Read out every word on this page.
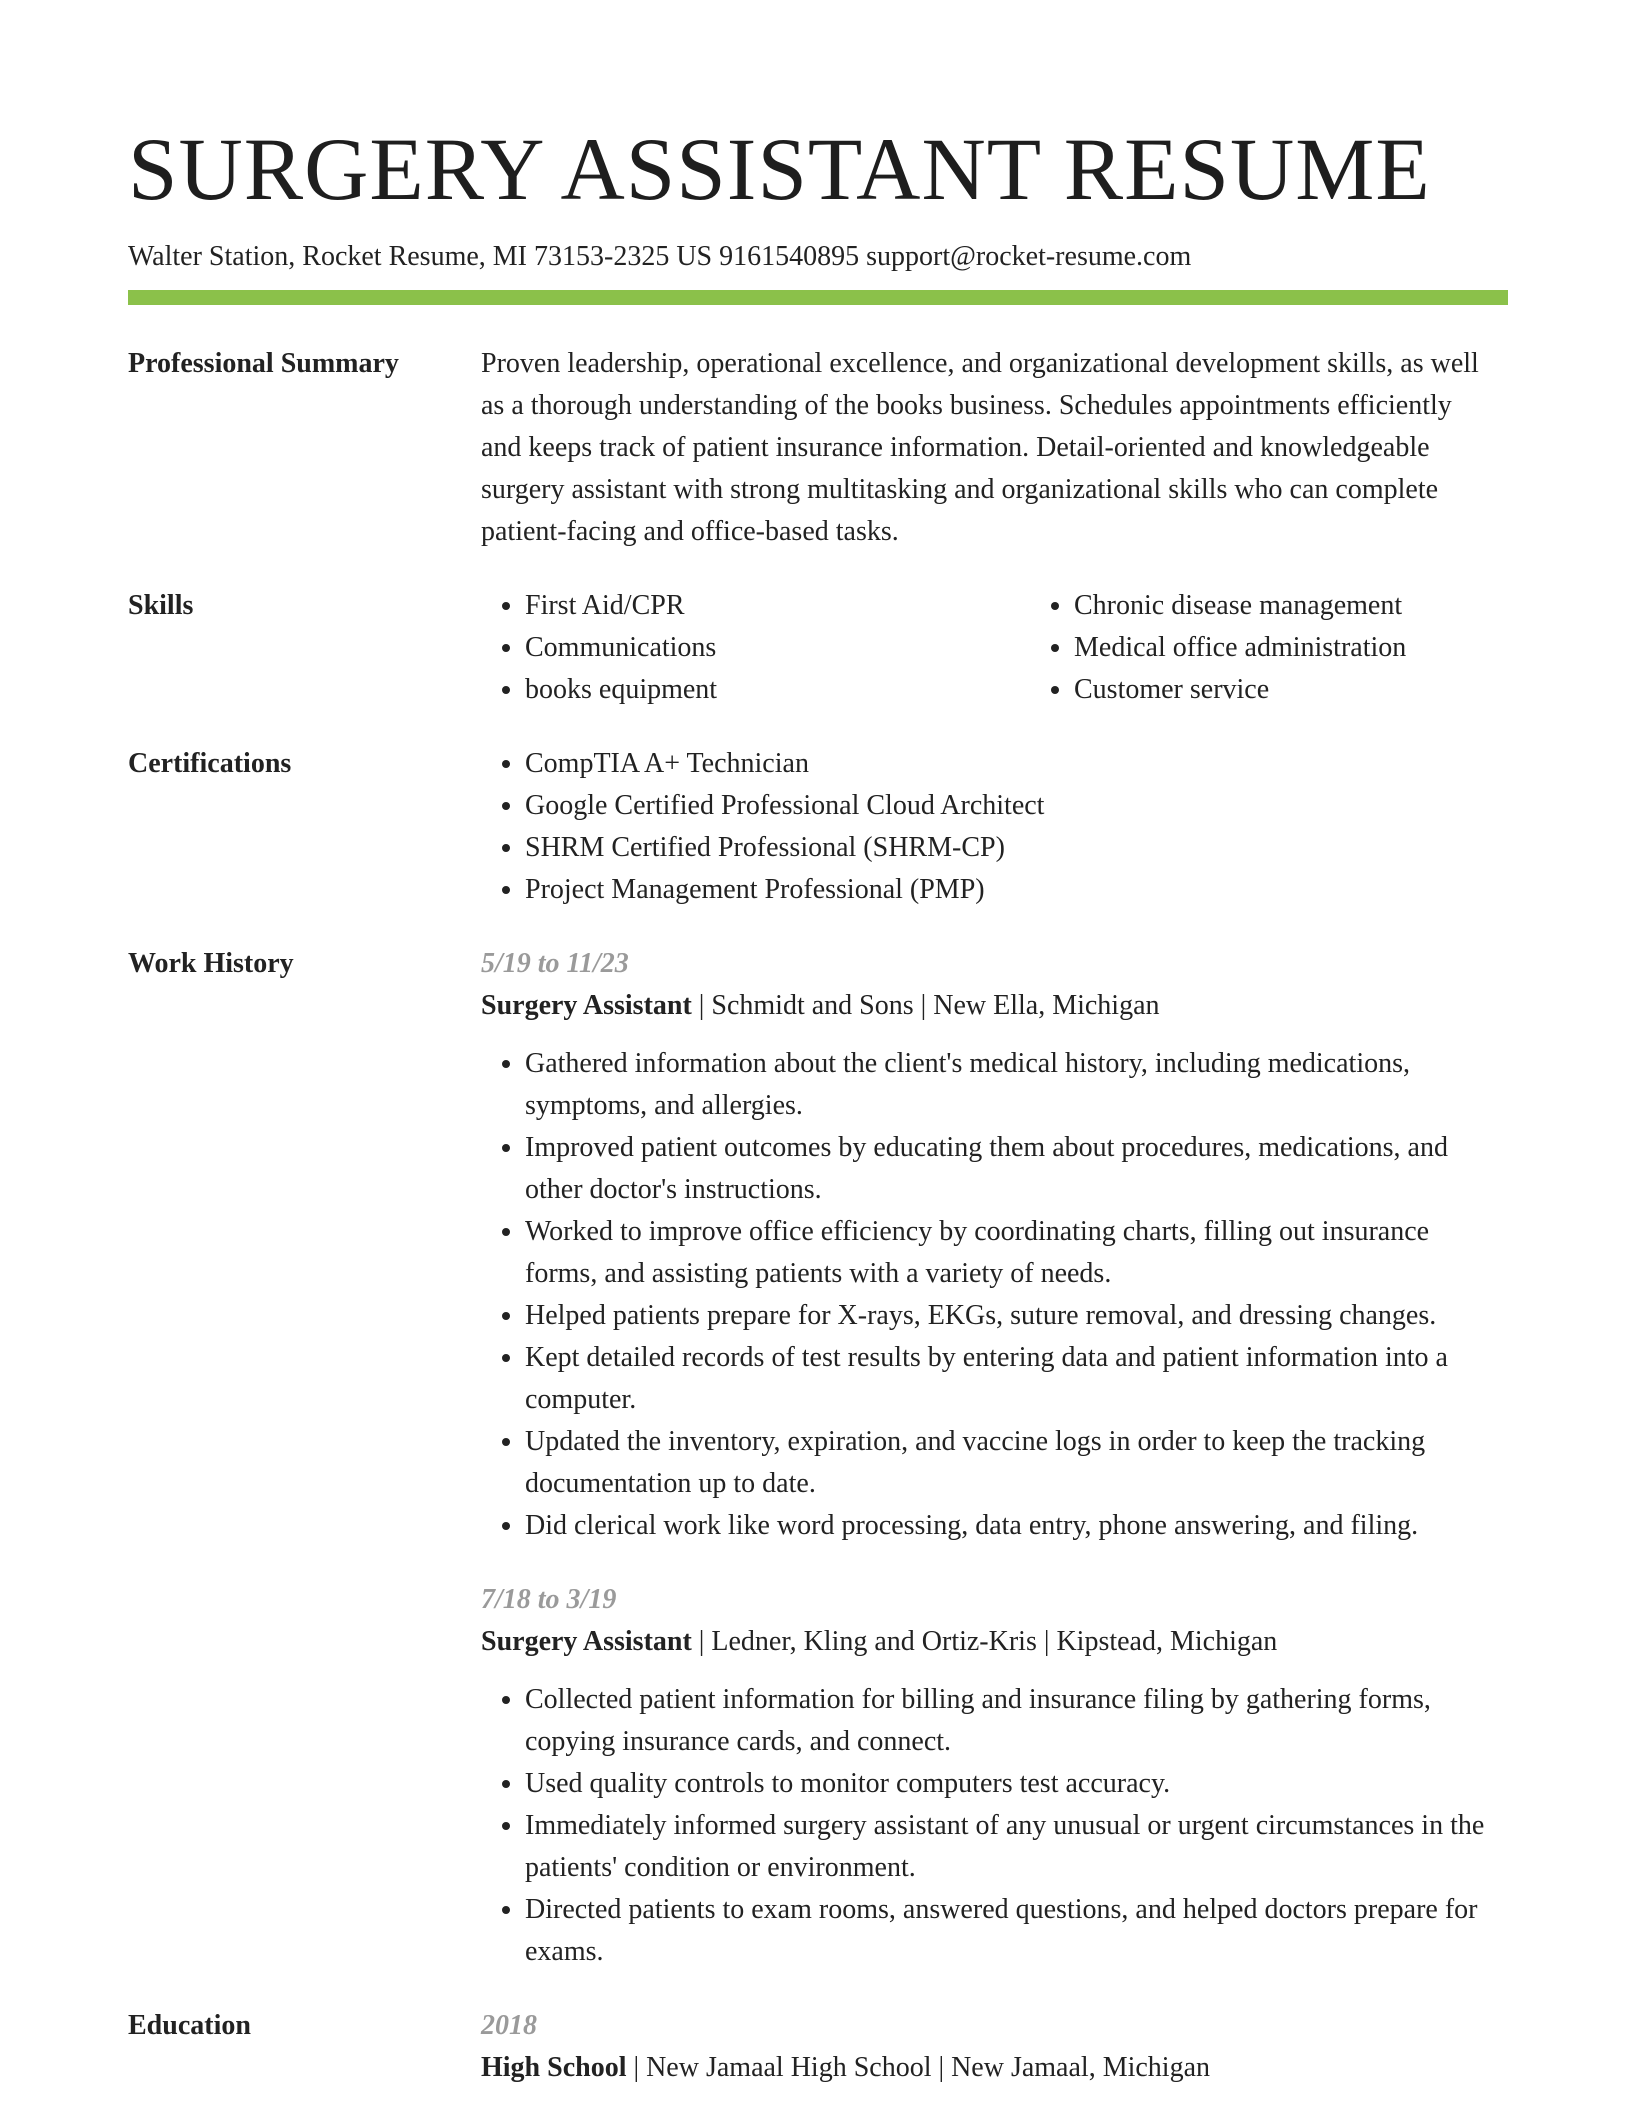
SURGERY ASSISTANT RESUME
Walter Station, Rocket Resume, MI 73153-2325 US 9161540895 support@rocket-resume.com
Professional Summary	Proven leadership, operational excellence, and organizational development skills, as well as a thorough understanding of the books business. Schedules appointments efficiently and keeps track of patient insurance information. Detail-oriented and knowledgeable surgery assistant with strong multitasking and organizational skills who can complete patient-facing and office-based tasks.

Skills	• First Aid/CPR
• Communications
• books equipment
• Chronic disease management
• Medical office administration
• Customer service
Certifications	• CompTIA A+ Technician
• Google Certified Professional Cloud Architect
• SHRM Certified Professional (SHRM-CP)
• Project Management Professional (PMP)
Work History	5/19 to 11/23
Surgery Assistant | Schmidt and Sons | New Ella, Michigan
• Gathered information about the client's medical history, including medications, symptoms, and allergies.
• Improved patient outcomes by educating them about procedures, medications, and other doctor's instructions.
• Worked to improve office efficiency by coordinating charts, filling out insurance forms, and assisting patients with a variety of needs.
• Helped patients prepare for X-rays, EKGs, suture removal, and dressing changes.
• Kept detailed records of test results by entering data and patient information into a computer.
• Updated the inventory, expiration, and vaccine logs in order to keep the tracking documentation up to date.
• Did clerical work like word processing, data entry, phone answering, and filing.
7/18 to 3/19
Surgery Assistant | Ledner, Kling and Ortiz-Kris | Kipstead, Michigan
• Collected patient information for billing and insurance filing by gathering forms, copying insurance cards, and connect.
• Used quality controls to monitor computers test accuracy.
• Immediately informed surgery assistant of any unusual or urgent circumstances in the patients' condition or environment.
• Directed patients to exam rooms, answered questions, and helped doctors prepare for exams.
Education	2018
High School | New Jamaal High School | New Jamaal, Michigan
